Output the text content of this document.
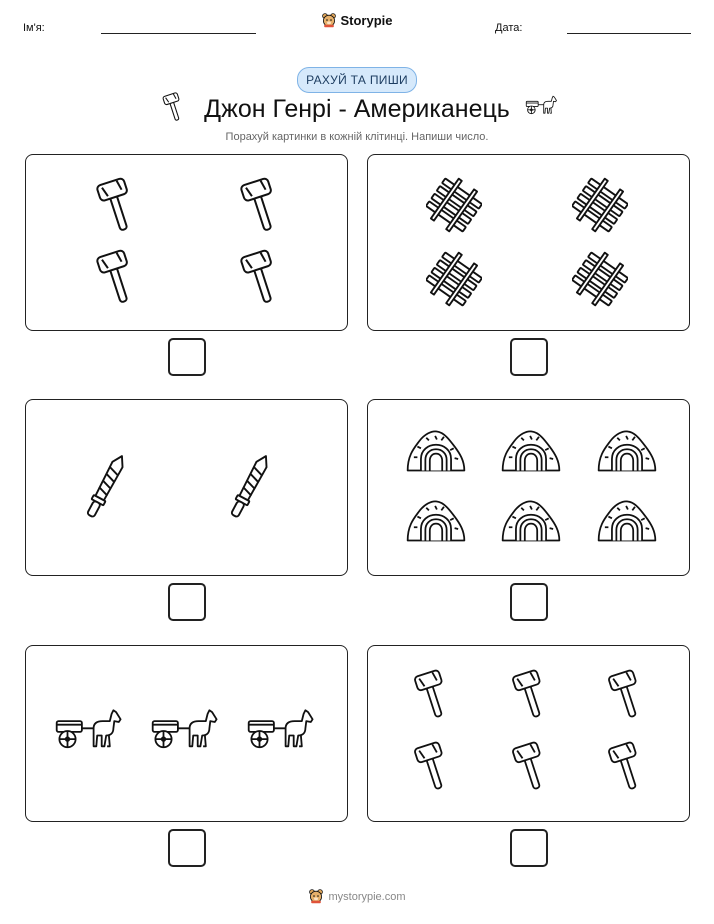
Ім'я:	Storypie	Дата:
РАХУЙ ТА ПИШИ
Джон Генрі - Американець
Порахуй картинки в кожній клітинці. Напиши число.
mystorypie.com
